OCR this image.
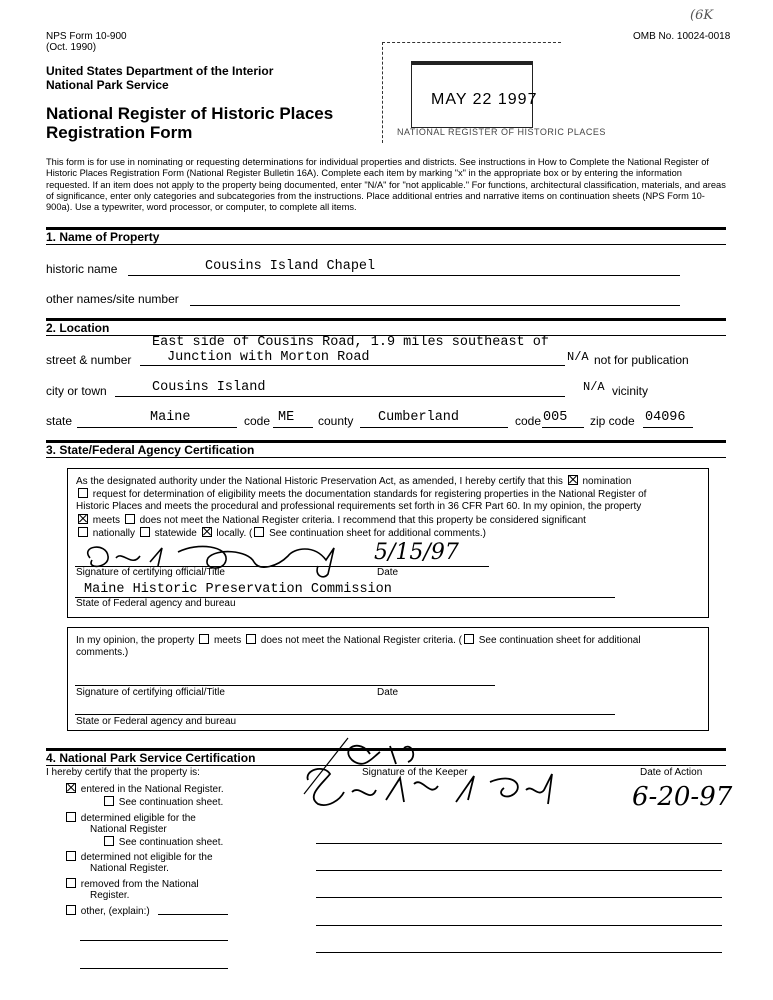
NPS Form 10-900
(Oct. 1990)
OMB No. 10024-0018
(6K
United States Department of the Interior
National Park Service
National Register of Historic Places
Registration Form
MAY 22 1997
NATIONAL REGISTER OF HISTORIC PLACES
This form is for use in nominating or requesting determinations for individual properties and districts. See instructions in How to Complete the National Register of Historic Places Registration Form (National Register Bulletin 16A). Complete each item by marking "x" in the appropriate box or by entering the information requested. If an item does not apply to the property being documented, enter "N/A" for "not applicable." For functions, architectural classification, materials, and areas of significance, enter only categories and subcategories from the instructions. Place additional entries and narrative items on continuation sheets (NPS Form 10-900a). Use a typewriter, word processor, or computer, to complete all items.
1. Name of Property
historic name	Cousins Island Chapel
other names/site number
2. Location
East side of Cousins Road, 1.9 miles southeast of
street & number	Junction with Morton Road	N/A not for publication
city or town	Cousins Island	N/A vicinity
state	Maine	code ME county Cumberland	code 005 zip code 04096
3. State/Federal Agency Certification
As the designated authority under the National Historic Preservation Act, as amended, I hereby certify that this nomination
request for determination of eligibility meets the documentation standards for registering properties in the National Register of
Historic Places and meets the procedural and professional requirements set forth in 36 CFR Part 60. In my opinion, the property
meets does not meet the National Register criteria. I recommend that this property be considered significant
nationally statewide locally. ( See continuation sheet for additional comments.)
5/15/97
Signature of certifying official/Title	Date
Maine Historic Preservation Commission
State of Federal agency and bureau
In my opinion, the property meets does not meet the National Register criteria. ( See continuation sheet for additional
comments.)
Signature of certifying official/Title	Date
State or Federal agency and bureau
4. National Park Service Certification
I hereby certify that the property is:	Signature of the Keeper	Date of Action
6-20-97
entered in the National Register.
See continuation sheet.
determined eligible for the
National Register
See continuation sheet.
determined not eligible for the
National Register.
removed from the National
Register.
other, (explain:)
